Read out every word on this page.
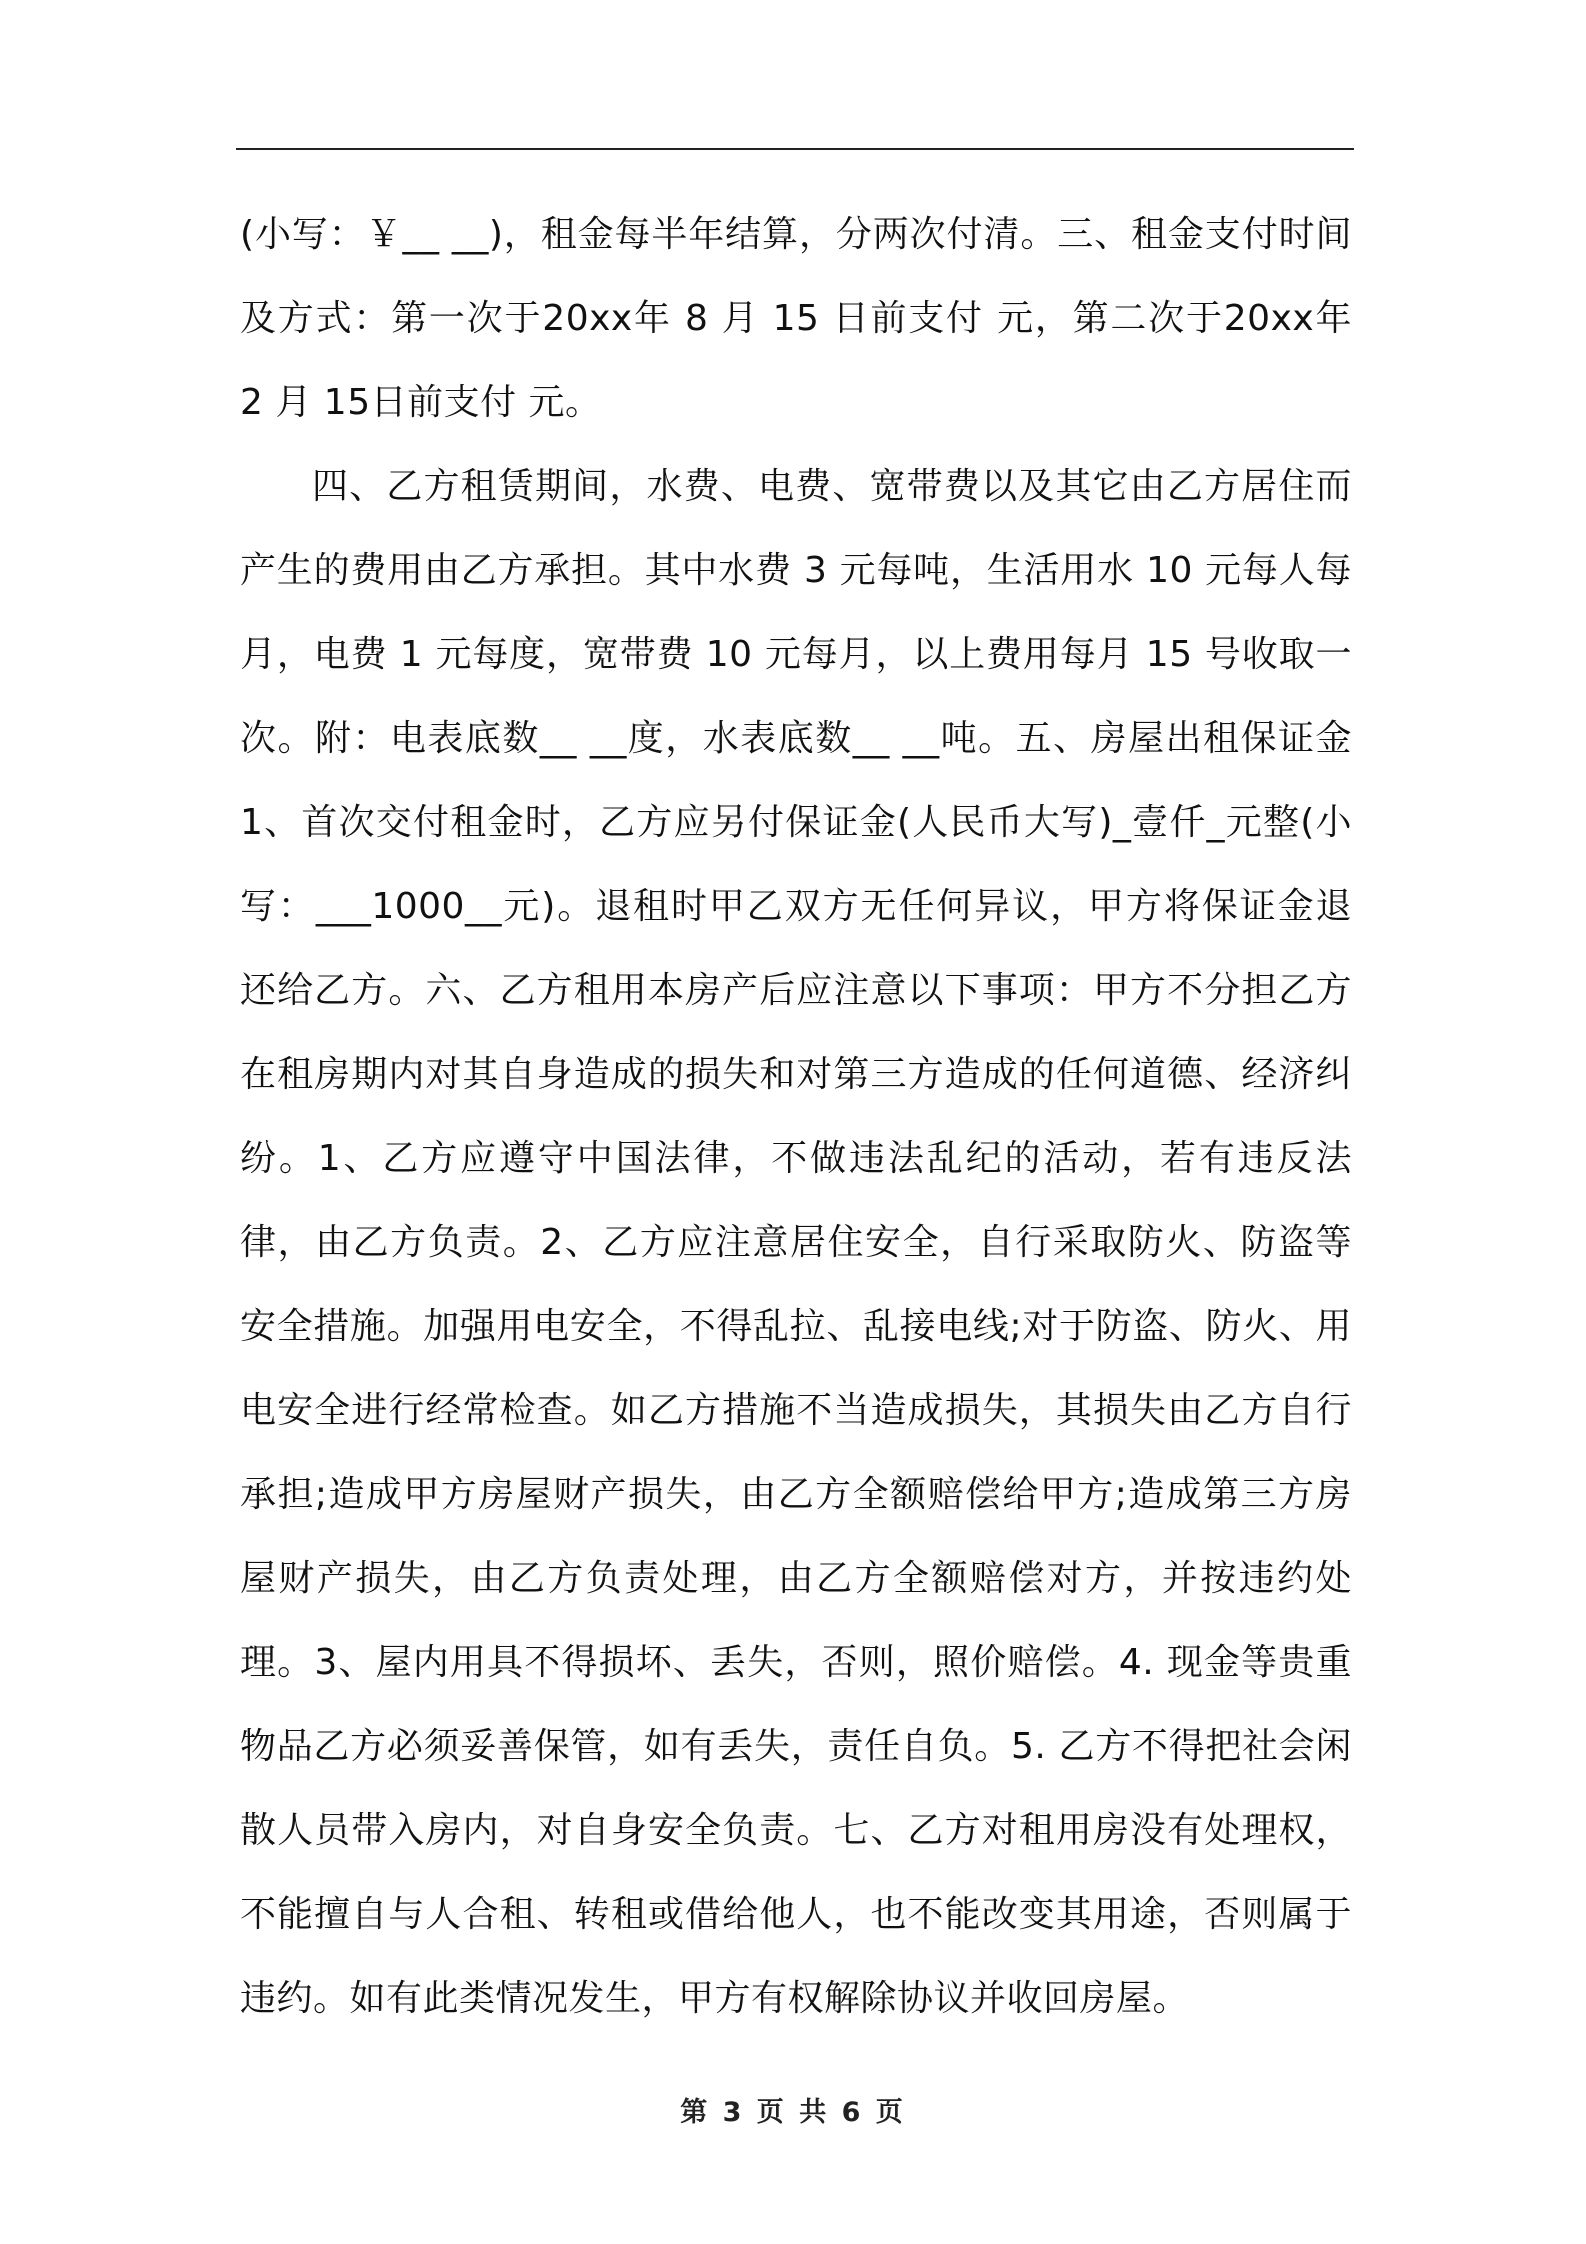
(小写：￥__ __)，租金每半年结算，分两次付清。三、租金支付时间及方式：第一次于20xx年 8 月 15 日前支付 元，第二次于20xx年 2 月 15日前支付 元。

四、乙方租赁期间，水费、电费、宽带费以及其它由乙方居住而产生的费用由乙方承担。其中水费 3 元每吨，生活用水 10 元每人每月，电费 1 元每度，宽带费 10 元每月，以上费用每月 15 号收取一次。附：电表底数__ __度，水表底数__ __吨。五、房屋出租保证金 1、首次交付租金时，乙方应另付保证金(人民币大写)_壹仟_元整(小写：___1000__元)。退租时甲乙双方无任何异议，甲方将保证金退还给乙方。六、乙方租用本房产后应注意以下事项：甲方不分担乙方在租房期内对其自身造成的损失和对第三方造成的任何道德、经济纠纷。1、乙方应遵守中国法律，不做违法乱纪的活动，若有违反法律，由乙方负责。2、乙方应注意居住安全，自行采取防火、防盗等安全措施。加强用电安全，不得乱拉、乱接电线;对于防盗、防火、用电安全进行经常检查。如乙方措施不当造成损失，其损失由乙方自行承担;造成甲方房屋财产损失，由乙方全额赔偿给甲方;造成第三方房屋财产损失，由乙方负责处理，由乙方全额赔偿对方，并按违约处理。3、屋内用具不得损坏、丢失，否则，照价赔偿。4. 现金等贵重物品乙方必须妥善保管，如有丢失，责任自负。5. 乙方不得把社会闲散人员带入房内，对自身安全负责。七、乙方对租用房没有处理权，不能擅自与人合租、转租或借给他人，也不能改变其用途，否则属于违约。如有此类情况发生，甲方有权解除协议并收回房屋。

第 3 页 共 6 页
